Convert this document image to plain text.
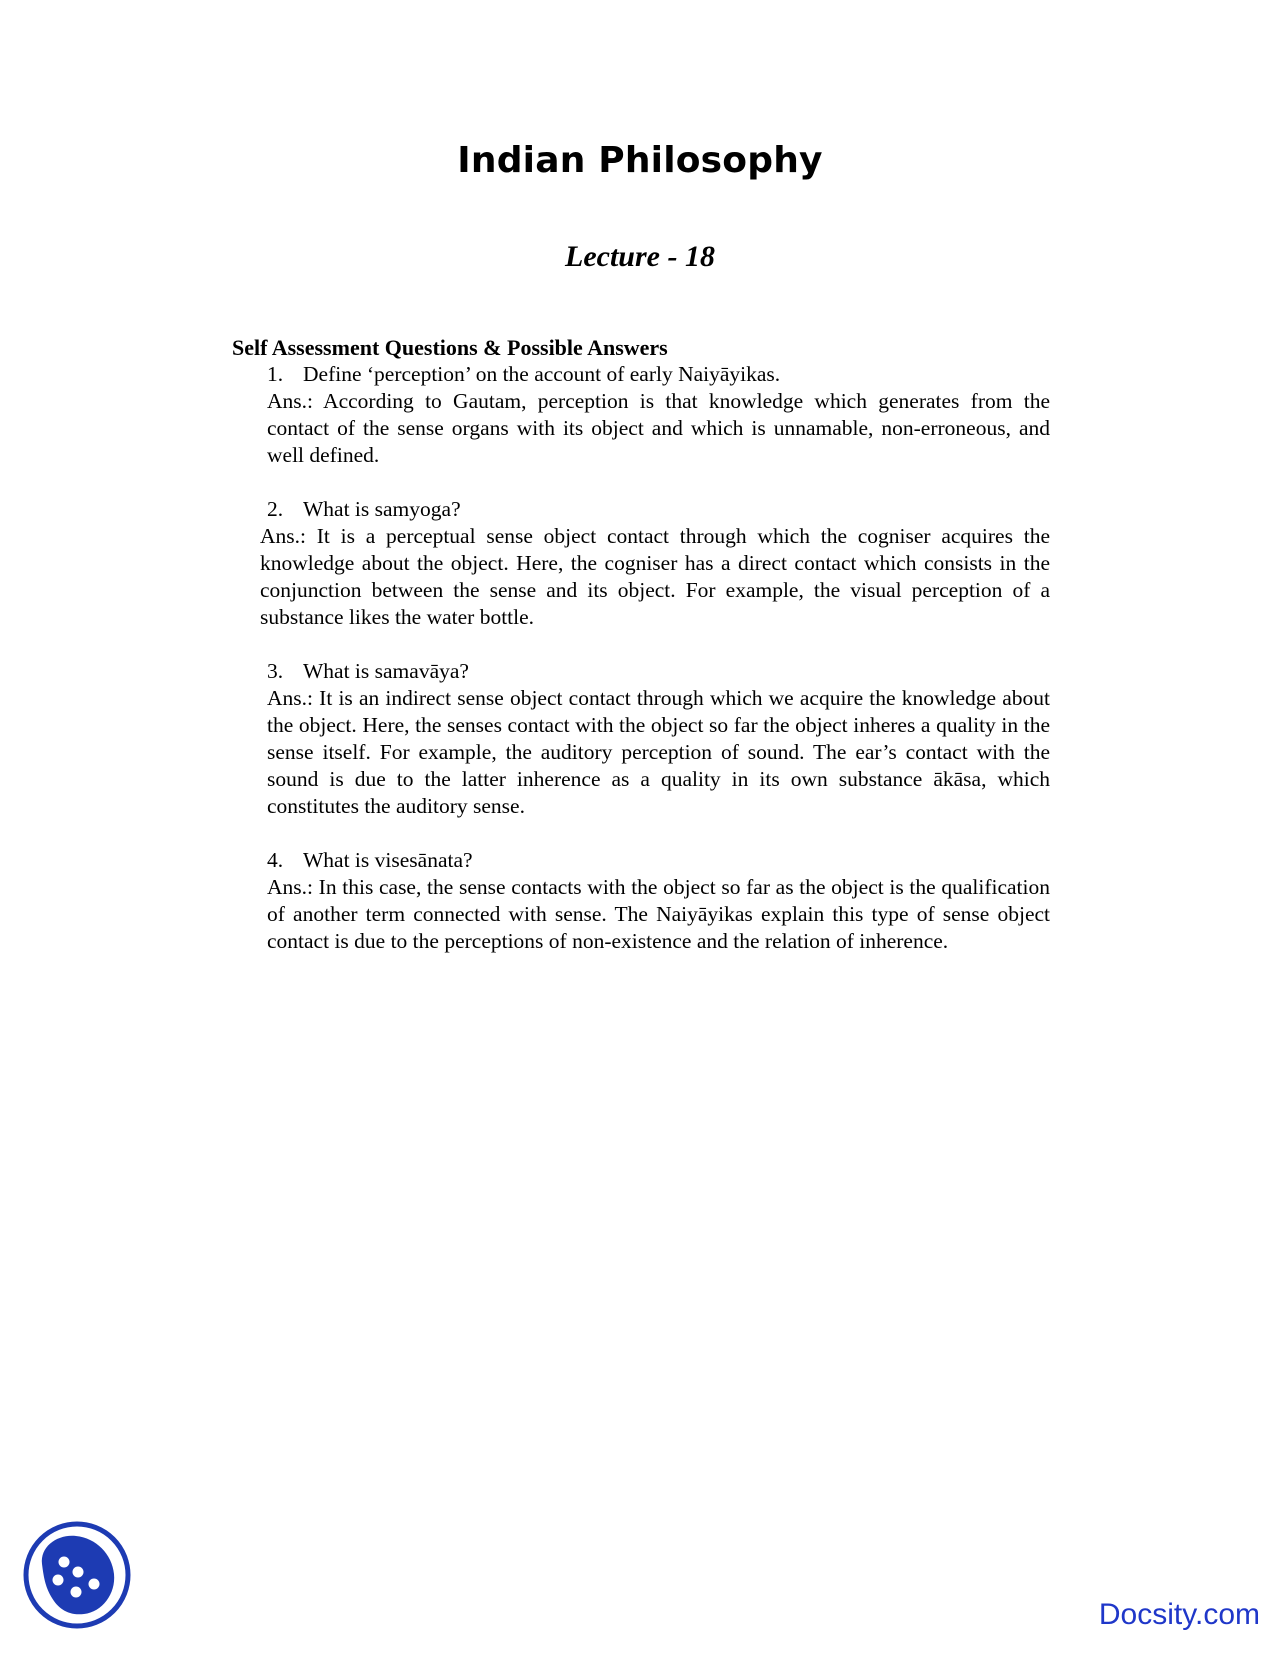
Indian Philosophy
Lecture - 18

Self Assessment Questions & Possible Answers

1. Define ‘perception’ on the account of early Naiyāyikas.

Ans.: According to Gautam, perception is that knowledge which generates from the contact of the sense organs with its object and which is unnamable, non-erroneous, and well defined.

2. What is samyoga?

Ans.: It is a perceptual sense object contact through which the cogniser acquires the knowledge about the object. Here, the cogniser has a direct contact which consists in the conjunction between the sense and its object. For example, the visual perception of a substance likes the water bottle.

3. What is samavāya?

Ans.: It is an indirect sense object contact through which we acquire the knowledge about the object. Here, the senses contact with the object so far the object inheres a quality in the sense itself. For example, the auditory perception of sound. The ear’s contact with the sound is due to the latter inherence as a quality in its own substance ākāsa, which constitutes the auditory sense.

4. What is visesānata?

Ans.: In this case, the sense contacts with the object so far as the object is the qualification of another term connected with sense. The Naiyāyikas explain this type of sense object contact is due to the perceptions of non-existence and the relation of inherence.

Docsity.com
